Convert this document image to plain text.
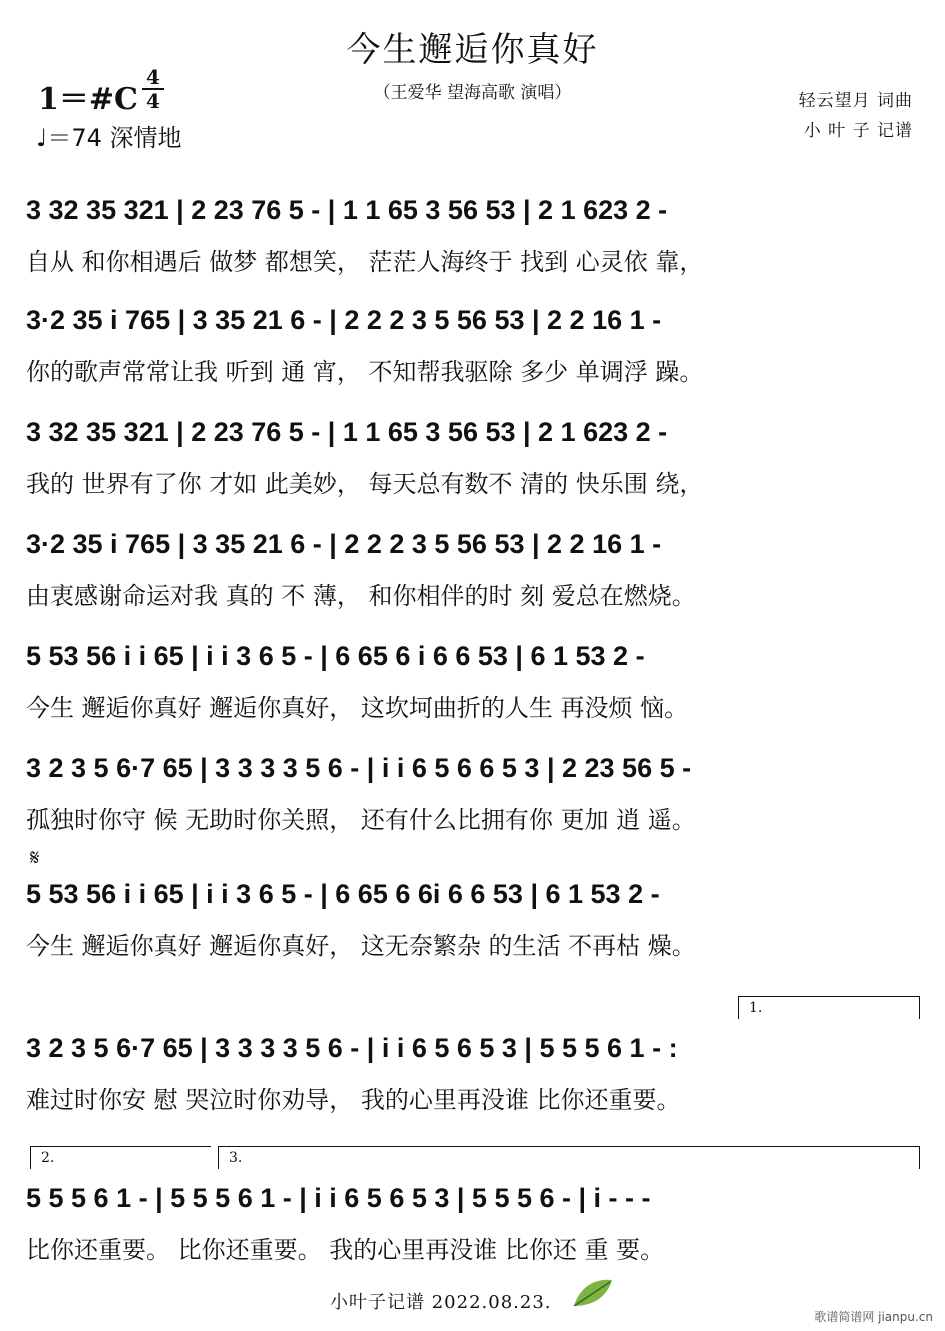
今生邂逅你真好
（王爱华 望海高歌 演唱）
1＝#C
4
4
♩＝74 深情地
轻云望月 词曲
小 叶 子 记谱
3 32 35 321 | 2 23 76 5 - | 1 1 65 3 56 53 | 2 1 623 2 -
自从 和你相遇后 做梦 都想笑， 茫茫人海终于 找到 心灵依 靠，
3·2 35 i 765 | 3 35 21 6 - | 2 2 2 3 5 56 53 | 2 2 16 1 -
你的歌声常常让我 听到 通 宵， 不知帮我驱除 多少 单调浮 躁。
3 32 35 321 | 2 23 76 5 - | 1 1 65 3 56 53 | 2 1 623 2 -
我的 世界有了你 才如 此美妙， 每天总有数不 清的 快乐围 绕，
3·2 35 i 765 | 3 35 21 6 - | 2 2 2 3 5 56 53 | 2 2 16 1 -
由衷感谢命运对我 真的 不 薄， 和你相伴的时 刻 爱总在燃烧。
5 53 56 i i 65 | i i 3 6 5 - | 6 65 6 i 6 6 53 | 6 1 53 2 -
今生 邂逅你真好 邂逅你真好， 这坎坷曲折的人生 再没烦 恼。
3 2 3 5 6·7 65 | 3 3 3 3 5 6 - | i i 6 5 6 6 5 3 | 2 23 56 5 -
孤独时你守 候 无助时你关照， 还有什么比拥有你 更加 逍 遥。
𝄋
5 53 56 i i 65 | i i 3 6 5 - | 6 65 6 6i 6 6 53 | 6 1 53 2 -
今生 邂逅你真好 邂逅你真好， 这无奈繁杂 的生活 不再枯 燥。
1.
3 2 3 5 6·7 65 | 3 3 3 3 5 6 - | i i 6 5 6 5 3 | 5 5 5 6 1 - :
难过时你安 慰 哭泣时你劝导， 我的心里再没谁 比你还重要。
2.	3.
5 5 5 6 1 - | 5 5 5 6 1 - | i i 6 5 6 5 3 | 5 5 5 6 - | i - - -
比你还重要。 比你还重要。 我的心里再没谁 比你还 重 要。
小叶子记谱 2022.08.23.
歌谱简谱网 jianpu.cn
